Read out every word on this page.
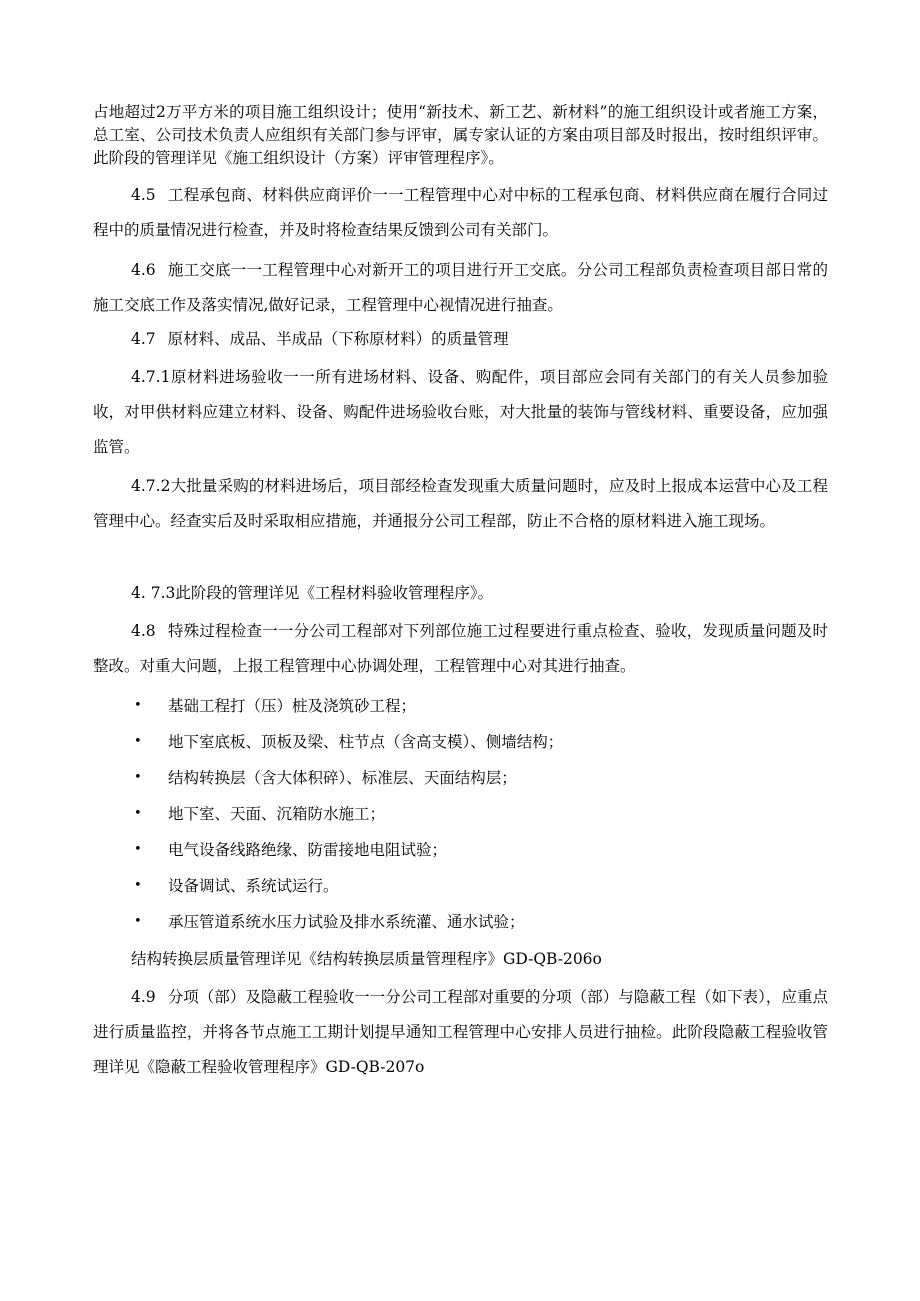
占地超过2万平方米的项目施工组织设计；使用“新技术、新工艺、新材料”的施工组织设计或者施工方案，总工室、公司技术负责人应组织有关部门参与评审，属专家认证的方案由项目部及时报出，按时组织评审。此阶段的管理详见《施工组织设计（方案）评审管理程序》。

4.5 工程承包商、材料供应商评价一一工程管理中心对中标的工程承包商、材料供应商在履行合同过程中的质量情况进行检查，并及时将检查结果反馈到公司有关部门。

4.6 施工交底一一工程管理中心对新开工的项目进行开工交底。分公司工程部负责检查项目部日常的施工交底工作及落实情况,做好记录，工程管理中心视情况进行抽查。

4.7 原材料、成品、半成品（下称原材料）的质量管理

4.7.1原材料进场验收一一所有进场材料、设备、购配件，项目部应会同有关部门的有关人员参加验收，对甲供材料应建立材料、设备、购配件进场验收台账，对大批量的装饰与管线材料、重要设备，应加强监管。

4.7.2大批量采购的材料进场后，项目部经检查发现重大质量问题时，应及时上报成本运营中心及工程管理中心。经查实后及时采取相应措施，并通报分公司工程部，防止不合格的原材料进入施工现场。

4. 7.3此阶段的管理详见《工程材料验收管理程序》。

4.8 特殊过程检查一一分公司工程部对下列部位施工过程要进行重点检查、验收，发现质量问题及时整改。对重大问题，上报工程管理中心协调处理，工程管理中心对其进行抽查。

• 基础工程打（压）桩及浇筑砂工程；
• 地下室底板、顶板及梁、柱节点（含高支模）、侧墙结构；
• 结构转换层（含大体积碎）、标准层、天面结构层；
• 地下室、天面、沉箱防水施工；
• 电气设备线路绝缘、防雷接地电阻试验；
• 设备调试、系统试运行。
• 承压管道系统水压力试验及排水系统灌、通水试验；

结构转换层质量管理详见《结构转换层质量管理程序》GD-QB-206o

4.9 分项（部）及隐蔽工程验收一一分公司工程部对重要的分项（部）与隐蔽工程（如下表），应重点进行质量监控，并将各节点施工工期计划提早通知工程管理中心安排人员进行抽检。此阶段隐蔽工程验收管理详见《隐蔽工程验收管理程序》GD-QB-207o
